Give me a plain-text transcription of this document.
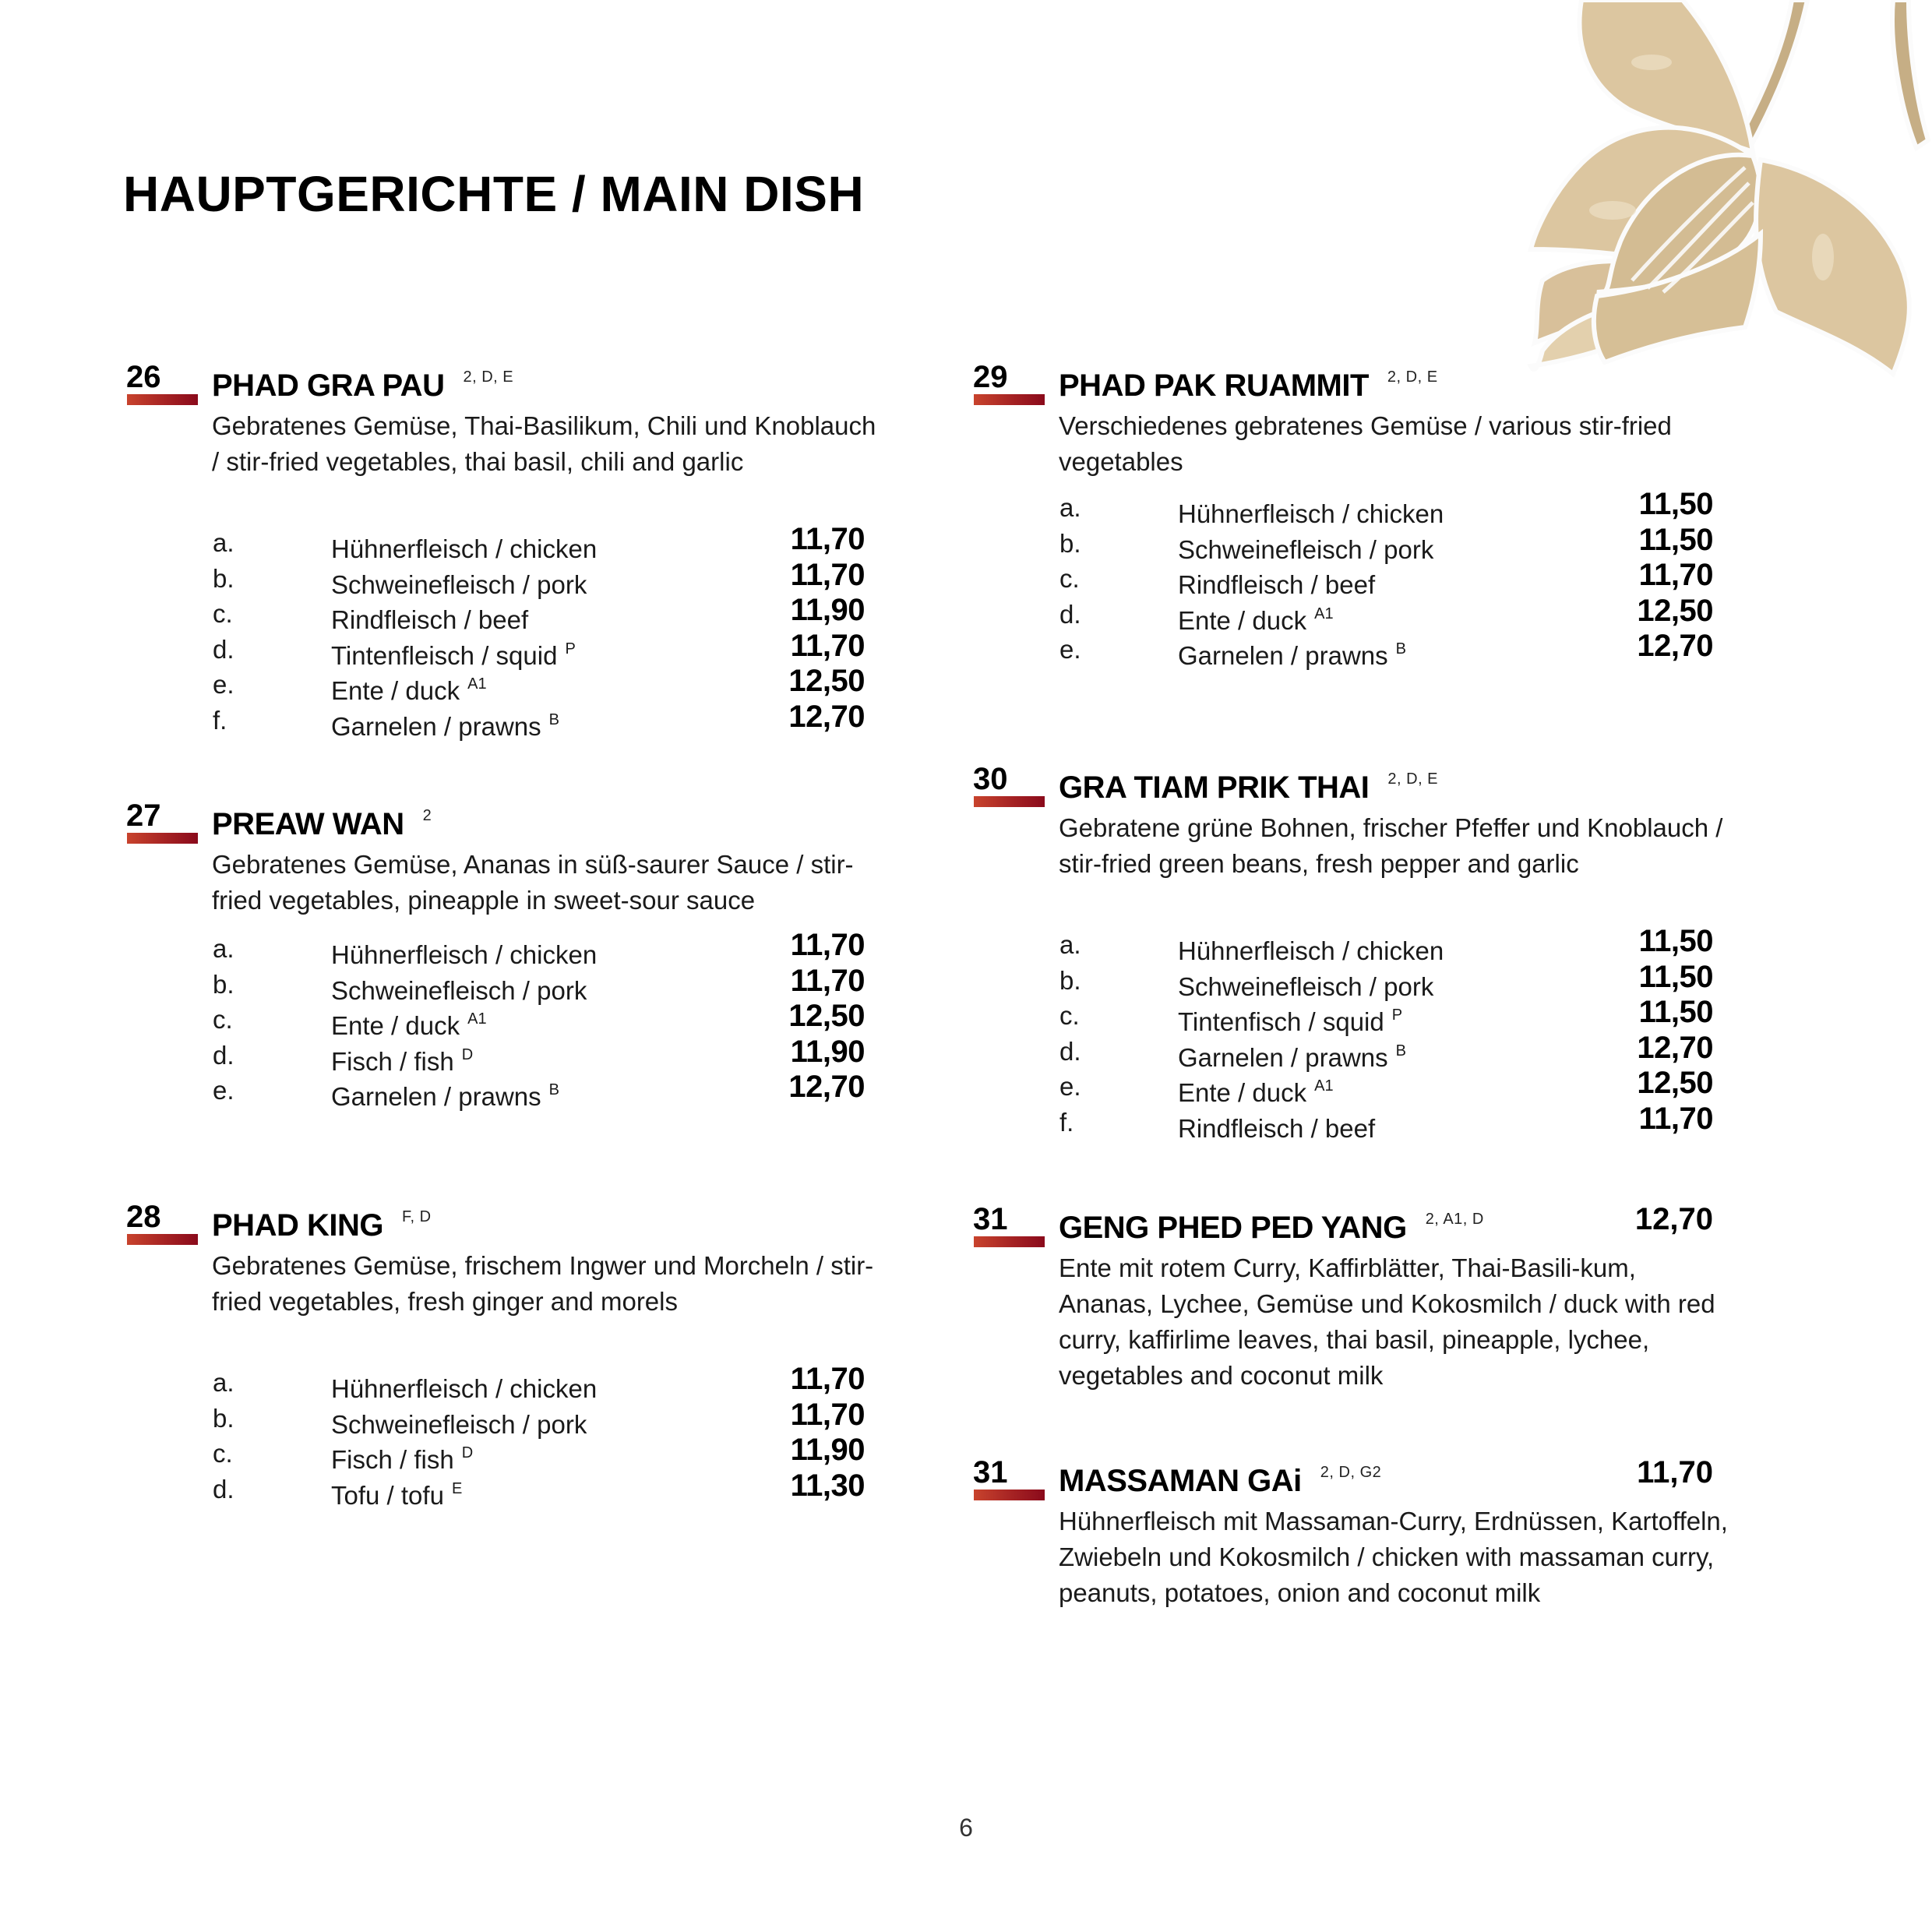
HAUPTGERICHTE / MAIN DISH
26 PHAD GRA PAU 2, D, E

Gebratenes Gemüse, Thai-Basilikum, Chili und Knoblauch / stir-fried vegetables, thai basil, chili and garlic

a.	Hühnerfleisch / chicken	11,70
b.	Schweinefleisch / pork	11,70
c.	Rindfleisch / beef	11,90
d.	Tintenfleisch / squid $^P$	11,70
e.	Ente / duck $^{A1}$	12,50
f.	Garnelen / prawns $^B$	12,70
27 PREAW WAN 2

Gebratenes Gemüse, Ananas in süß-saurer Sauce / stir-fried vegetables, pineapple in sweet-sour sauce

a.	Hühnerfleisch / chicken	11,70
b.	Schweinefleisch / pork	11,70
c.	Ente / duck $^{A1}$	12,50
d.	Fisch / fish $^D$	11,90
e.	Garnelen / prawns $^B$	12,70
28 PHAD KING F, D

Gebratenes Gemüse, frischem Ingwer und Morcheln / stir-fried vegetables, fresh ginger and morels

a.	Hühnerfleisch / chicken	11,70
b.	Schweinefleisch / pork	11,70
c.	Fisch / fish $^D$	11,90
d.	Tofu / tofu $^E$	11,30
29 PHAD PAK RUAMMIT 2, D, E

Verschiedenes gebratenes Gemüse / various stir-fried vegetables

a.	Hühnerfleisch / chicken	11,50
b.	Schweinefleisch / pork	11,50
c.	Rindfleisch / beef	11,70
d.	Ente / duck $^{A1}$	12,50
e.	Garnelen / prawns $^B$	12,70
30 GRA TIAM PRIK THAI 2, D, E

Gebratene grüne Bohnen, frischer Pfeffer und Knoblauch / stir-fried green beans, fresh pepper and garlic

a.	Hühnerfleisch / chicken	11,50
b.	Schweinefleisch / pork	11,50
c.	Tintenfisch / squid $^P$	11,50
d.	Garnelen / prawns $^B$	12,70
e.	Ente / duck $^{A1}$	12,50
f.	Rindfleisch / beef	11,70
31 GENG PHED PED YANG 2, A1, D	12,70

Ente mit rotem Curry, Kaffirblätter, Thai-Basili-kum, Ananas, Lychee, Gemüse und Kokosmilch / duck with red curry, kaffirlime leaves, thai basil, pineapple, lychee, vegetables and coconut milk

31 MASSAMAN GAi 2, D, G2	11,70

Hühnerfleisch mit Massaman-Curry, Erdnüssen, Kartoffeln, Zwiebeln und Kokosmilch / chicken with massaman curry, peanuts, potatoes, onion and coconut milk

6
